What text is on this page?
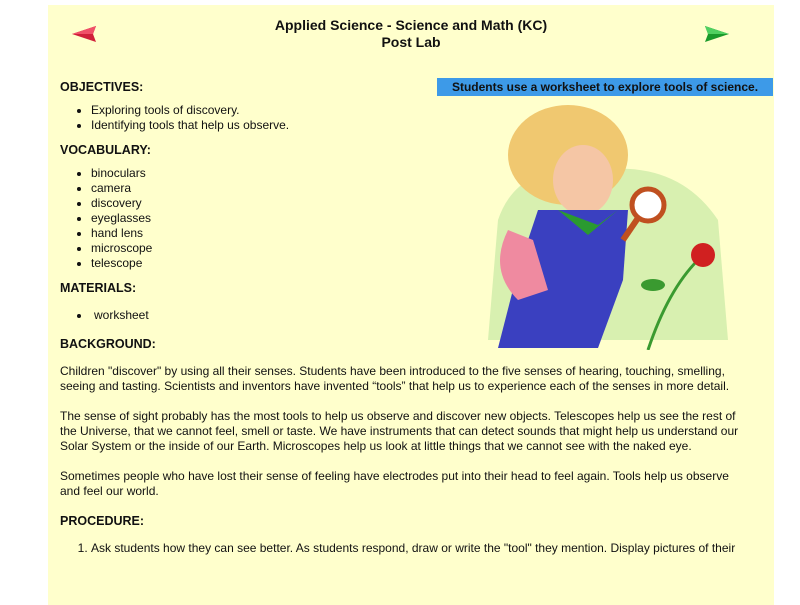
Applied Science - Science and Math (KC)
Post Lab
Students use a worksheet to explore tools of science.
OBJECTIVES:
• Exploring tools of discovery.
• Identifying tools that help us observe.
VOCABULARY:
• binoculars
• camera
• discovery
• eyeglasses
• hand lens
• microscope
• telescope
MATERIALS:
• worksheet
BACKGROUND:

Children "discover" by using all their senses. Students have been introduced to the five senses of hearing, touching, smelling, seeing and tasting. Scientists and inventors have invented “tools” that help us to experience each of the senses in more detail.

The sense of sight probably has the most tools to help us observe and discover new objects. Telescopes help us see the rest of the Universe, that we cannot feel, smell or taste. We have instruments that can detect sounds that might help us understand our Solar System or the inside of our Earth. Microscopes help us look at little things that we cannot see with the naked eye.

Sometimes people who have lost their sense of feeling have electrodes put into their head to feel again. Tools help us observe and feel our world.

PROCEDURE:
1. Ask students how they can see better. As students respond, draw or write the "tool" they mention. Display pictures of their
